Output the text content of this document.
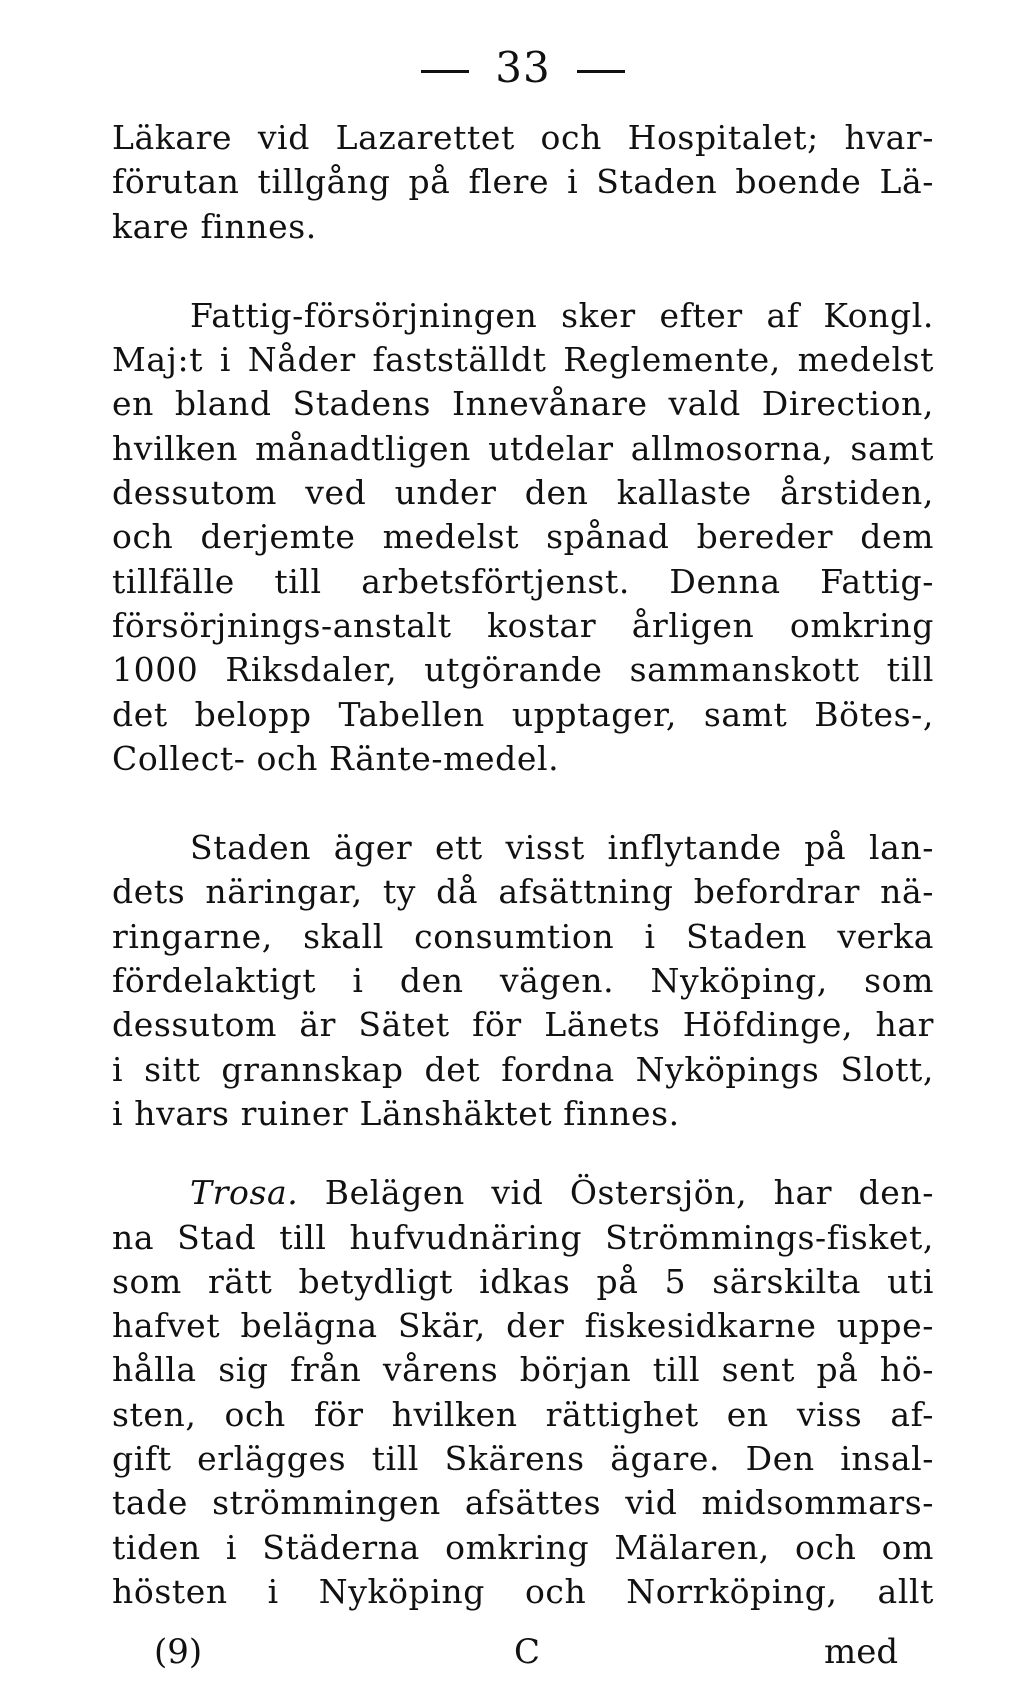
33
Läkare vid Lazarettet och Hospitalet; hvar-
förutan tillgång på flere i Staden boende Lä-
kare finnes.
Fattig-försörjningen sker efter af Kongl.
Maj:t i Nåder fastställdt Reglemente, medelst
en bland Stadens Innevånare vald Direction,
hvilken månadtligen utdelar allmosorna, samt
dessutom ved under den kallaste årstiden,
och derjemte medelst spånad bereder dem
tillfälle till arbetsförtjenst. Denna Fattig-
försörjnings-anstalt kostar årligen omkring
1000 Riksdaler, utgörande sammanskott till
det belopp Tabellen upptager, samt Bötes-,
Collect- och Ränte-medel.
Staden äger ett visst inflytande på lan-
dets näringar, ty då afsättning befordrar nä-
ringarne, skall consumtion i Staden verka
fördelaktigt i den vägen. Nyköping, som
dessutom är Sätet för Länets Höfdinge, har
i sitt grannskap det fordna Nyköpings Slott,
i hvars ruiner Länshäktet finnes.
Trosa. Belägen vid Östersjön, har den-
na Stad till hufvudnäring Strömmings-fisket,
som rätt betydligt idkas på 5 särskilta uti
hafvet belägna Skär, der fiskesidkarne uppe-
hålla sig från vårens början till sent på hö-
sten, och för hvilken rättighet en viss af-
gift erlägges till Skärens ägare. Den insal-
tade strömmingen afsättes vid midsommars-
tiden i Städerna omkring Mälaren, och om
hösten i Nyköping och Norrköping, allt
(9)	C	med
